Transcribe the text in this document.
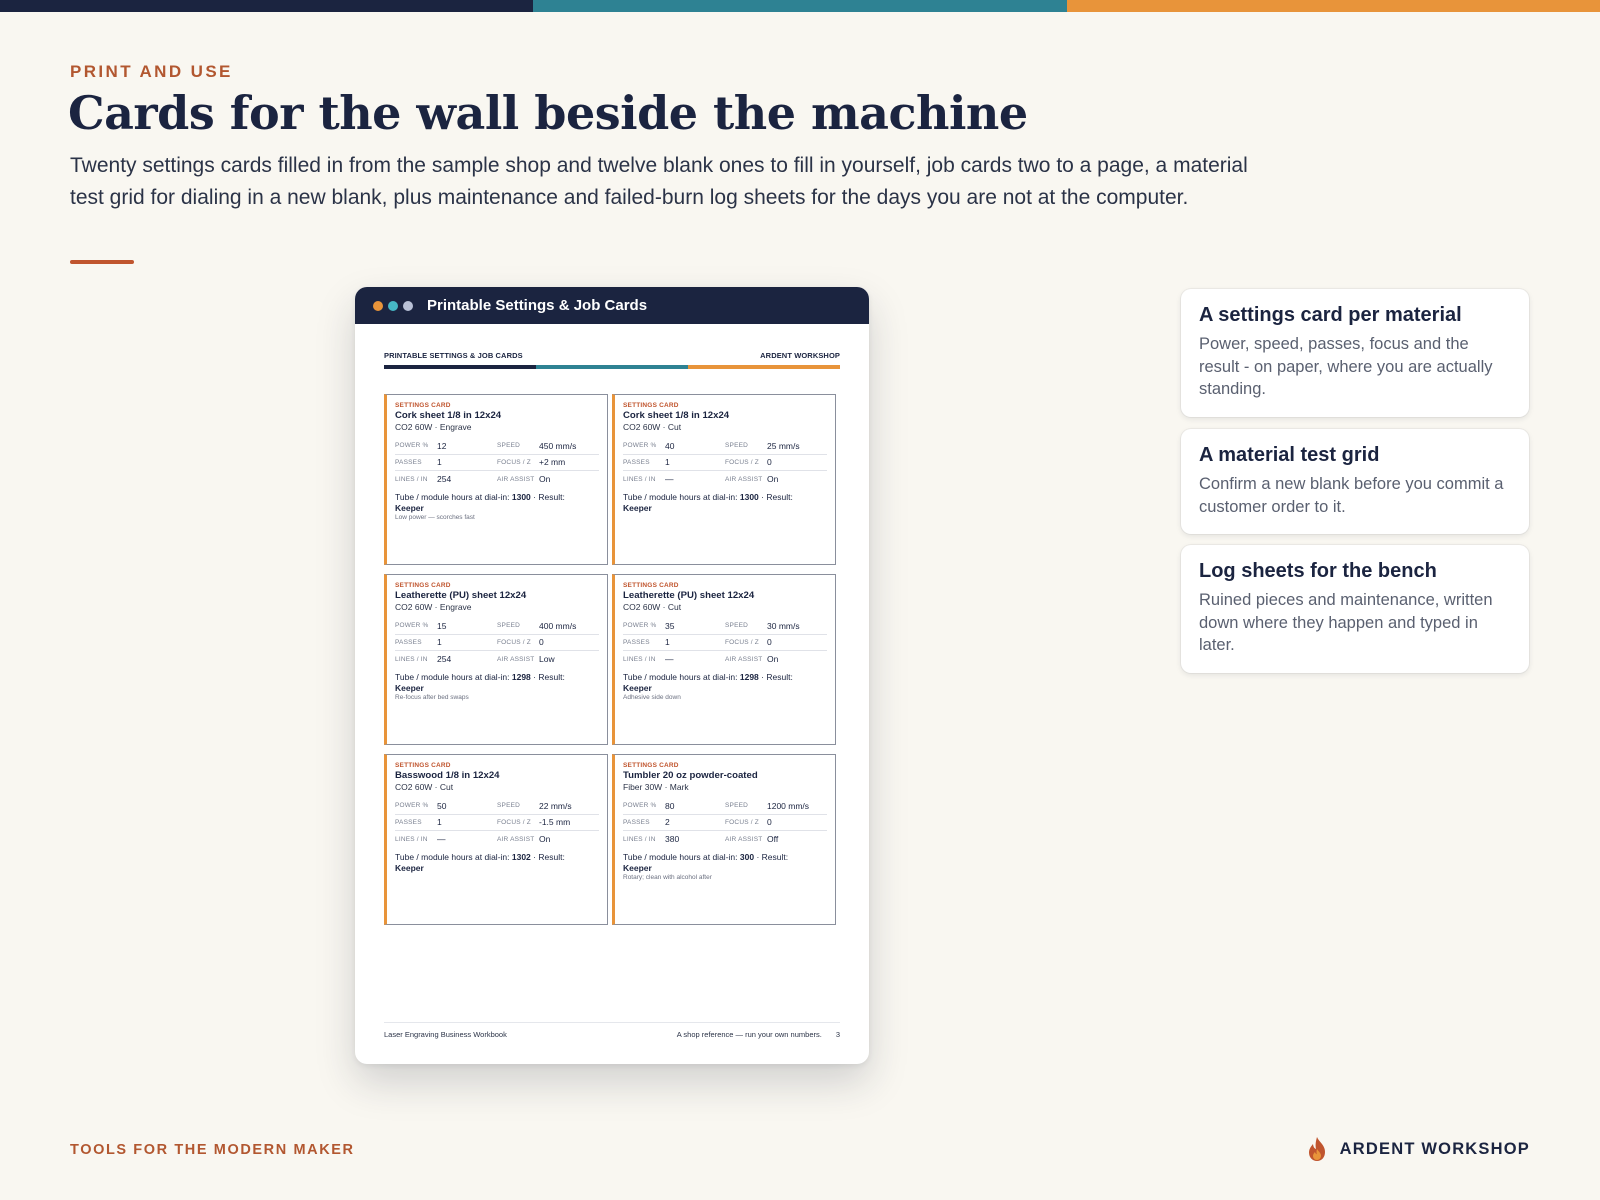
PRINT AND USE
Cards for the wall beside the machine

Twenty settings cards filled in from the sample shop and twelve blank ones to fill in yourself, job cards two to a page, a material test grid for dialing in a new blank, plus maintenance and failed-burn log sheets for the days you are not at the computer.

Printable Settings & Job Cards
PRINTABLE SETTINGS & JOB CARDS	ARDENT WORKSHOP
SETTINGS CARD
Cork sheet 1/8 in 12x24
CO2 60W · Engrave
POWER % 12	SPEED	450 mm/s
PASSES	1	FOCUS / Z +2 mm
LINES / IN	254	AIR ASSIST On
Tube / module hours at dial-in: 1300 · Result:
Keeper
Low power — scorches fast
SETTINGS CARD
Cork sheet 1/8 in 12x24
CO2 60W · Cut
POWER % 40	SPEED	25 mm/s
PASSES	1	FOCUS / Z 0
LINES / IN	—	AIR ASSIST On
Tube / module hours at dial-in: 1300 · Result:
Keeper
SETTINGS CARD
Leatherette (PU) sheet 12x24
CO2 60W · Engrave
POWER % 15	SPEED	400 mm/s
PASSES	1	FOCUS / Z 0
LINES / IN	254	AIR ASSIST Low
Tube / module hours at dial-in: 1298 · Result:
Keeper
Re-focus after bed swaps
SETTINGS CARD
Leatherette (PU) sheet 12x24
CO2 60W · Cut
POWER % 35	SPEED	30 mm/s
PASSES	1	FOCUS / Z 0
LINES / IN	—	AIR ASSIST On
Tube / module hours at dial-in: 1298 · Result:
Keeper
Adhesive side down
SETTINGS CARD
Basswood 1/8 in 12x24
CO2 60W · Cut
POWER % 50	SPEED	22 mm/s
PASSES	1	FOCUS / Z -1.5 mm
LINES / IN	—	AIR ASSIST On
Tube / module hours at dial-in: 1302 · Result:
Keeper
SETTINGS CARD
Tumbler 20 oz powder-coated
Fiber 30W · Mark
POWER % 80	SPEED	1200 mm/s
PASSES	2	FOCUS / Z 0
LINES / IN	380	AIR ASSIST Off
Tube / module hours at dial-in: 300 · Result:
Keeper
Rotary; clean with alcohol after
Laser Engraving Business Workbook	A shop reference — run your own numbers. 3
A settings card per material

Power, speed, passes, focus and the result - on paper, where you are actually standing.

A material test grid

Confirm a new blank before you commit a customer order to it.

Log sheets for the bench

Ruined pieces and maintenance, written down where they happen and typed in later.

TOOLS FOR THE MODERN MAKER	ARDENT WORKSHOP
